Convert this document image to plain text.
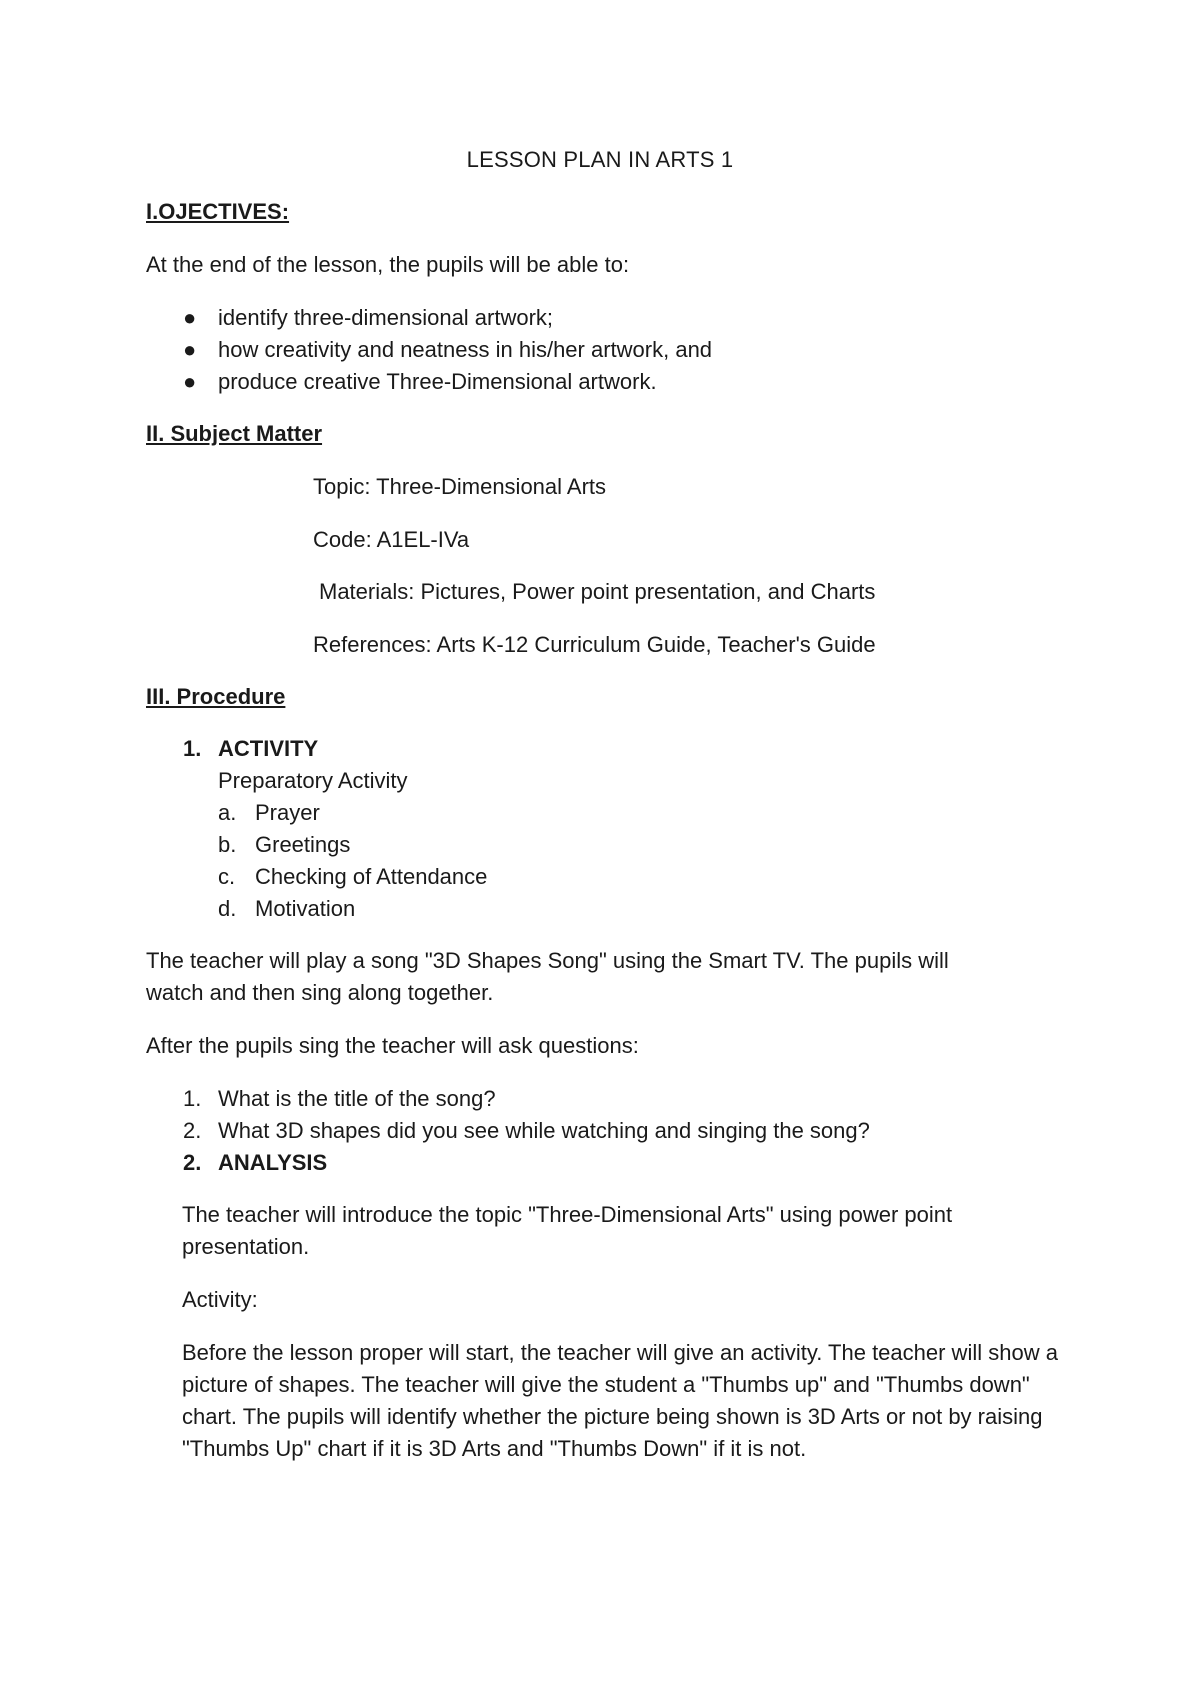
LESSON PLAN IN ARTS 1
I.OJECTIVES:
At the end of the lesson, the pupils will be able to:
● identify three-dimensional artwork;
● how creativity and neatness in his/her artwork, and
● produce creative Three-Dimensional artwork.
II. Subject Matter
Topic: Three-Dimensional Arts
Code: A1EL-IVa
Materials: Pictures, Power point presentation, and Charts
References: Arts K-12 Curriculum Guide, Teacher's Guide
III. Procedure
1. ACTIVITY
Preparatory Activity
a. Prayer
b. Greetings
c. Checking of Attendance
d. Motivation
The teacher will play a song "3D Shapes Song" using the Smart TV. The pupils will
watch and then sing along together.
After the pupils sing the teacher will ask questions:
1. What is the title of the song?
2. What 3D shapes did you see while watching and singing the song?
2. ANALYSIS
The teacher will introduce the topic "Three-Dimensional Arts" using power point presentation.
Activity:
Before the lesson proper will start, the teacher will give an activity. The teacher will show a picture of shapes. The teacher will give the student a "Thumbs up" and "Thumbs down" chart. The pupils will identify whether the picture being shown is 3D Arts or not by raising "Thumbs Up" chart if it is 3D Arts and "Thumbs Down" if it is not.
